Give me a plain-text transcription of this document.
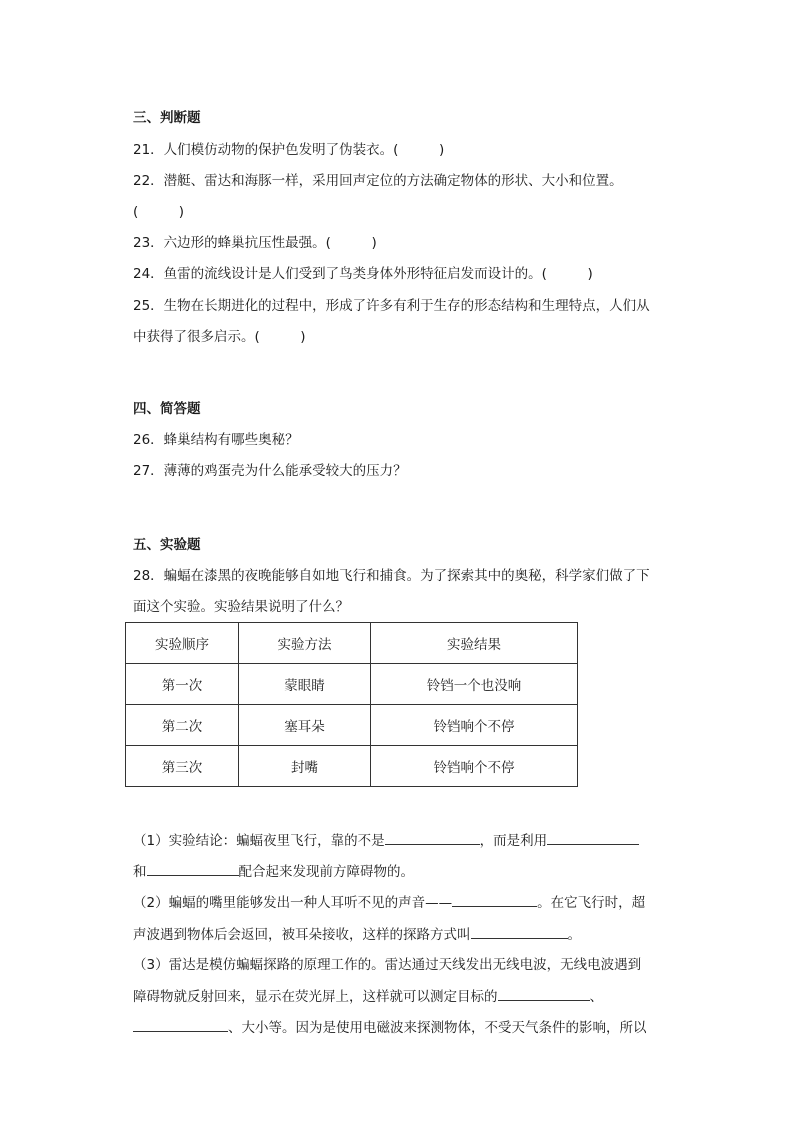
三、判断题
21．人们模仿动物的保护色发明了伪装衣。(　　　)
22．潜艇、雷达和海豚一样，采用回声定位的方法确定物体的形状、大小和位置。
(　　　)
23．六边形的蜂巢抗压性最强。(　　　)
24．鱼雷的流线设计是人们受到了鸟类身体外形特征启发而设计的。(　　　)
25．生物在长期进化的过程中，形成了许多有利于生存的形态结构和生理特点，人们从
中获得了很多启示。(　　　)
四、简答题
26．蜂巢结构有哪些奥秘？
27．薄薄的鸡蛋壳为什么能承受较大的压力？
五、实验题
28．蝙蝠在漆黑的夜晚能够自如地飞行和捕食。为了探索其中的奥秘，科学家们做了下
面这个实验。实验结果说明了什么？
实验顺序	实验方法	实验结果
第一次	蒙眼睛	铃铛一个也没响
第二次	塞耳朵	铃铛响个不停
第三次	封嘴	铃铛响个不停
（1）实验结论：蝙蝠夜里飞行，靠的不是	，而是利用
和	配合起来发现前方障碍物的。
（2）蝙蝠的嘴里能够发出一种人耳听不见的声音——	。在它飞行时，超
声波遇到物体后会返回，被耳朵接收，这样的探路方式叫	。
（3）雷达是模仿蝙蝠探路的原理工作的。雷达通过天线发出无线电波，无线电波遇到
障碍物就反射回来，显示在荧光屏上，这样就可以测定目标的	、
、大小等。因为是使用电磁波来探测物体，不受天气条件的影响，所以
